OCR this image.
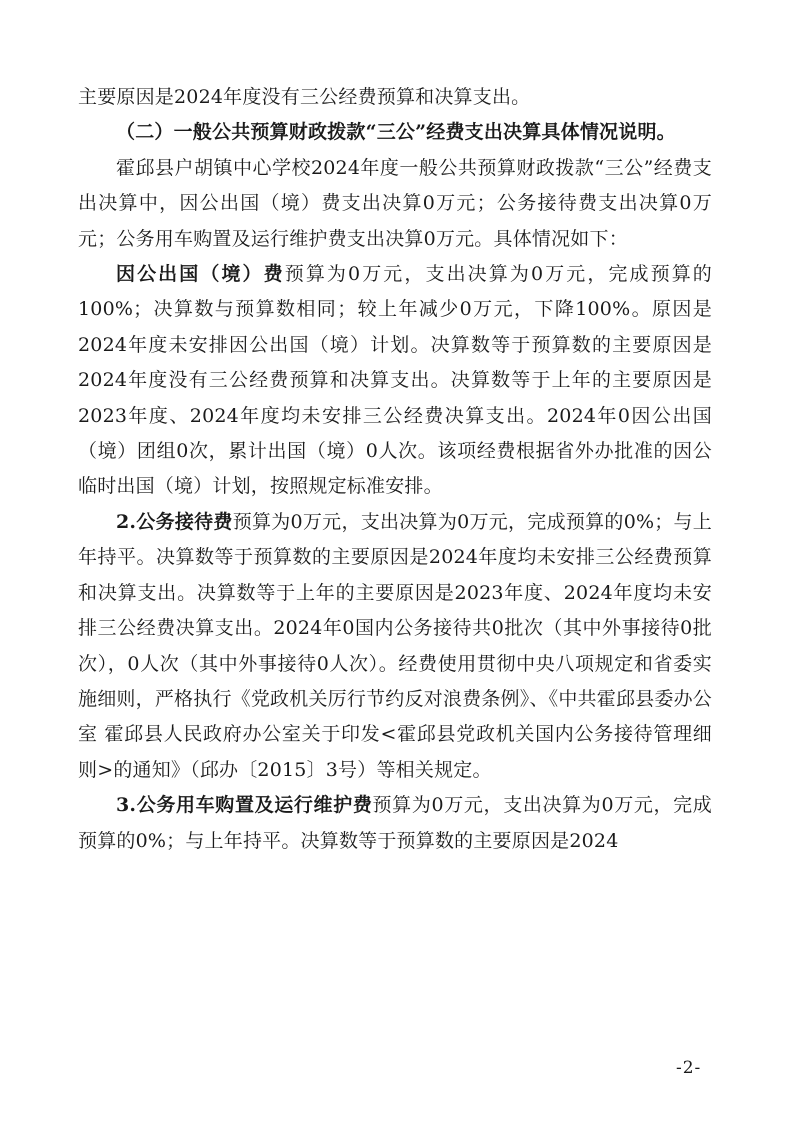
主要原因是2024年度没有三公经费预算和决算支出。

（二）一般公共预算财政拨款“三公”经费支出决算具体情况说明。

霍邱县户胡镇中心学校2024年度一般公共预算财政拨款“三公”经费支出决算中，因公出国（境）费支出决算0万元；公务接待费支出决算0万元；公务用车购置及运行维护费支出决算0万元。具体情况如下：

因公出国（境）费预算为0万元，支出决算为0万元，完成预算的100%；决算数与预算数相同；较上年减少0万元，下降100%。原因是2024年度未安排因公出国（境）计划。决算数等于预算数的主要原因是2024年度没有三公经费预算和决算支出。决算数等于上年的主要原因是2023年度、2024年度均未安排三公经费决算支出。2024年0因公出国（境）团组0次，累计出国（境）0人次。该项经费根据省外办批准的因公临时出国（境）计划，按照规定标准安排。

2.公务接待费预算为0万元，支出决算为0万元，完成预算的0%；与上年持平。决算数等于预算数的主要原因是2024年度均未安排三公经费预算和决算支出。决算数等于上年的主要原因是2023年度、2024年度均未安排三公经费决算支出。2024年0国内公务接待共0批次（其中外事接待0批次），0人次（其中外事接待0人次）。经费使用贯彻中央八项规定和省委实施细则，严格执行《党政机关厉行节约反对浪费条例》、《中共霍邱县委办公室 霍邱县人民政府办公室关于印发<霍邱县党政机关国内公务接待管理细则>的通知》（邱办〔2015〕3号）等相关规定。

3.公务用车购置及运行维护费预算为0万元，支出决算为0万元，完成预算的0%；与上年持平。决算数等于预算数的主要原因是2024

-2-
